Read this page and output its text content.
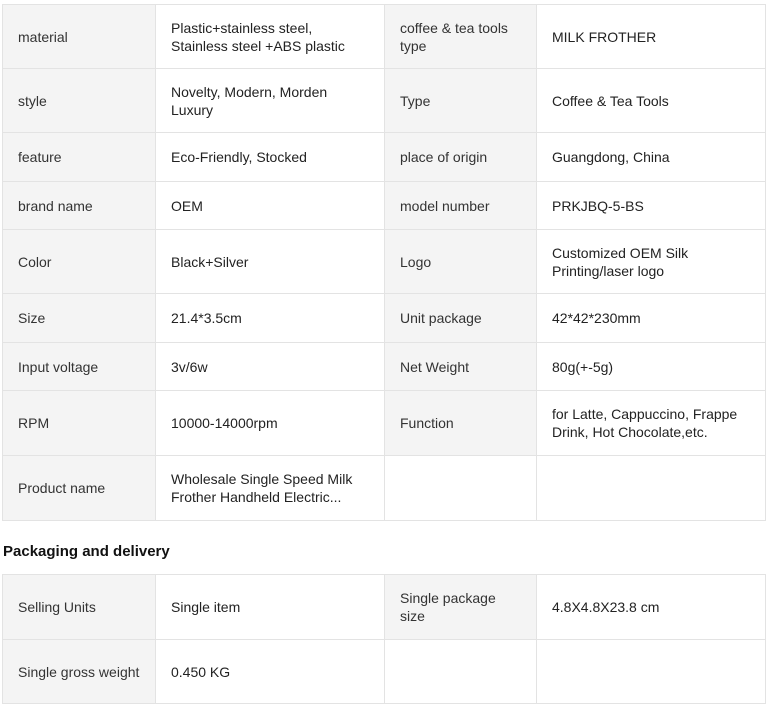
material	Plastic+stainless steel, Stainless steel +ABS plastic	coffee & tea tools type	MILK FROTHER
style	Novelty, Modern, Morden Luxury	Type	Coffee & Tea Tools
feature	Eco-Friendly, Stocked	place of origin	Guangdong, China
brand name	OEM	model number	PRKJBQ-5-BS
Color	Black+Silver	Logo	Customized OEM Silk Printing/laser logo
Size	21.4*3.5cm	Unit package	42*42*230mm
Input voltage	3v/6w	Net Weight	80g(+-5g)
RPM	10000-14000rpm	Function	for Latte, Cappuccino, Frappe Drink, Hot Chocolate,etc.
Product name	Wholesale Single Speed Milk Frother Handheld Electric...		
Packaging and delivery
Selling Units	Single item	Single package size	4.8X4.8X23.8 cm
Single gross weight	0.450 KG		
